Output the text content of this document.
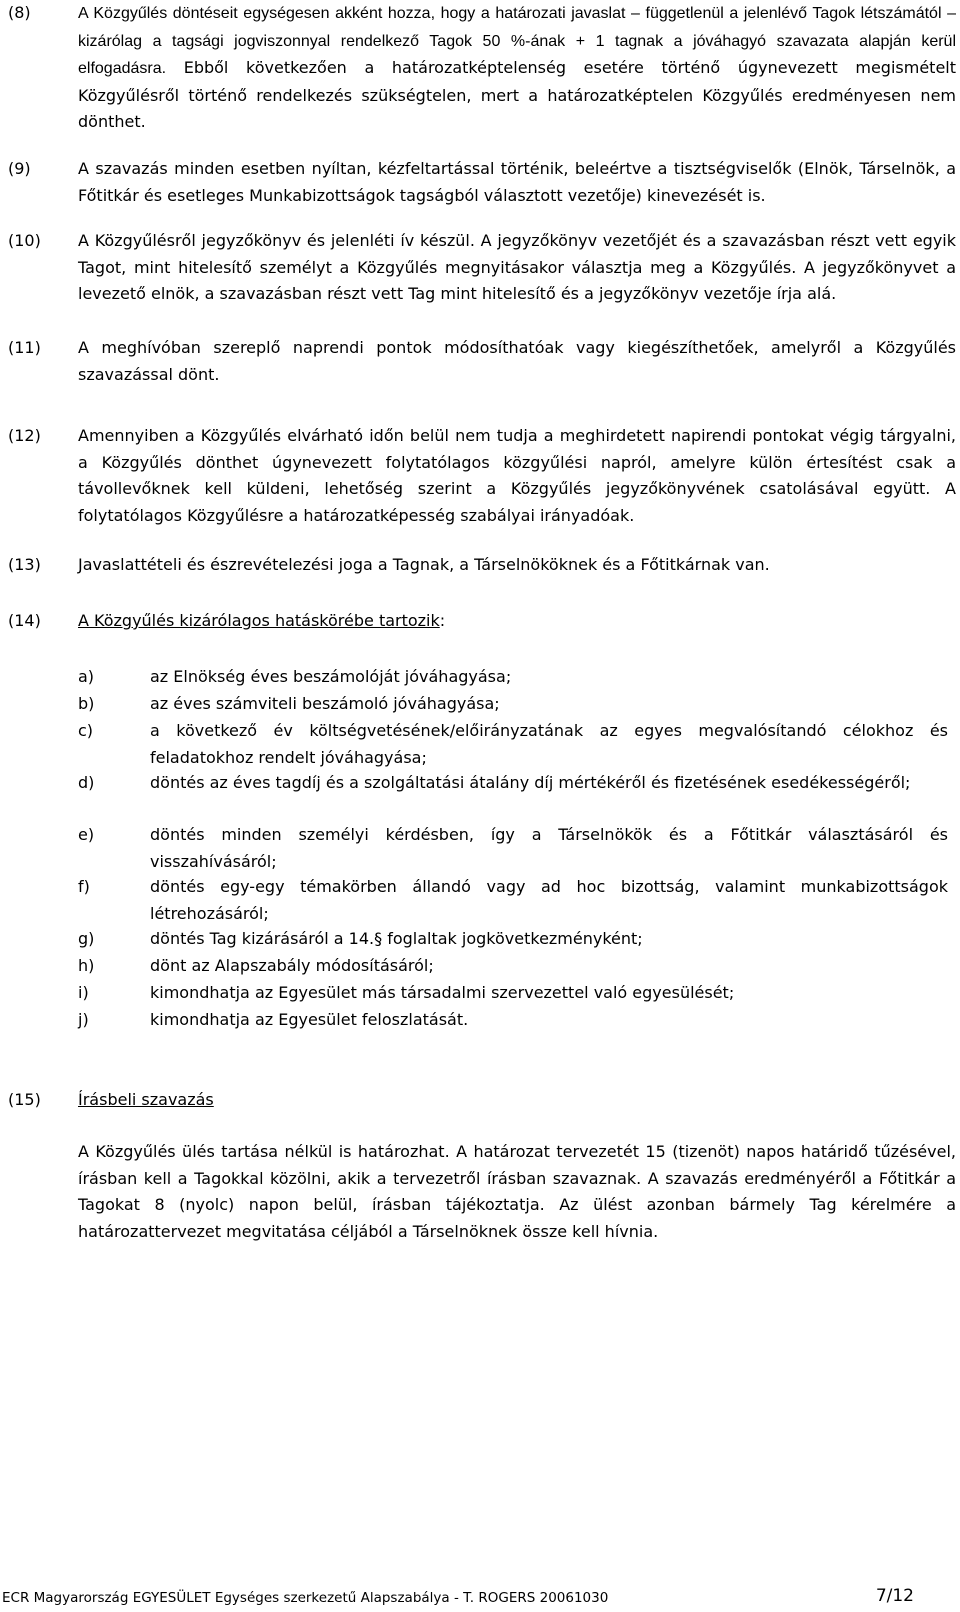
(8)	A Közgyűlés döntéseit egységesen akként hozza, hogy a határozati javaslat – függetlenül a jelenlévő Tagok létszámától – kizárólag a tagsági jogviszonnyal rendelkező Tagok 50 %-ának + 1 tagnak a jóváhagyó szavazata alapján kerül elfogadásra. Ebből következően a határozatképtelenség esetére történő úgynevezett megismételt Közgyűlésről történő rendelkezés szükségtelen, mert a határozatképtelen Közgyűlés eredményesen nem dönthet.
(9)	A szavazás minden esetben nyíltan, kézfeltartással történik, beleértve a tisztségviselők (Elnök, Társelnök, a Főtitkár és esetleges Munkabizottságok tagságból választott vezetője) kinevezését is.
(10)	A Közgyűlésről jegyzőkönyv és jelenléti ív készül. A jegyzőkönyv vezetőjét és a szavazásban részt vett egyik Tagot, mint hitelesítő személyt a Közgyűlés megnyitásakor választja meg a Közgyűlés. A jegyzőkönyvet a levezető elnök, a szavazásban részt vett Tag mint hitelesítő és a jegyzőkönyv vezetője írja alá.
(11)	A meghívóban szereplő naprendi pontok módosíthatóak vagy kiegészíthetőek, amelyről a Közgyűlés szavazással dönt.
(12)	Amennyiben a Közgyűlés elvárható időn belül nem tudja a meghirdetett napirendi pontokat végig tárgyalni, a Közgyűlés dönthet úgynevezett folytatólagos közgyűlési napról, amelyre külön értesítést csak a távollevőknek kell küldeni, lehetőség szerint a Közgyűlés jegyzőkönyvének csatolásával együtt. A folytatólagos Közgyűlésre a határozatképesség szabályai irányadóak.
(13)	Javaslattételi és észrevételezési joga a Tagnak, a Társelnököknek és a Főtitkárnak van.
(14)	A Közgyűlés kizárólagos hatáskörébe tartozik:
a)	az Elnökség éves beszámolóját jóváhagyása;
b)	az éves számviteli beszámoló jóváhagyása;
c)	a következő év költségvetésének/előirányzatának az egyes megvalósítandó célokhoz és feladatokhoz rendelt jóváhagyása;
d)	döntés az éves tagdíj és a szolgáltatási átalány díj mértékéről és fizetésének esedékességéről;
e)	döntés minden személyi kérdésben, így a Társelnökök és a Főtitkár választásáról és visszahívásáról;
f)	döntés egy-egy témakörben állandó vagy ad hoc bizottság, valamint munkabizottságok létrehozásáról;
g)	döntés Tag kizárásáról a 14.§ foglaltak jogkövetkezményként;
h)	dönt az Alapszabály módosításáról;
i)	kimondhatja az Egyesület más társadalmi szervezettel való egyesülését;
j)	kimondhatja az Egyesület feloszlatását.
(15)	Írásbeli szavazás
A Közgyűlés ülés tartása nélkül is határozhat. A határozat tervezetét 15 (tizenöt) napos határidő tűzésével, írásban kell a Tagokkal közölni, akik a tervezetről írásban szavaznak. A szavazás eredményéről a Főtitkár a Tagokat 8 (nyolc) napon belül, írásban tájékoztatja. Az ülést azonban bármely Tag kérelmére a határozattervezet megvitatása céljából a Társelnöknek össze kell hívnia.
ECR Magyarország EGYESÜLET Egységes szerkezetű Alapszabálya - T. ROGERS 20061030	7/12
